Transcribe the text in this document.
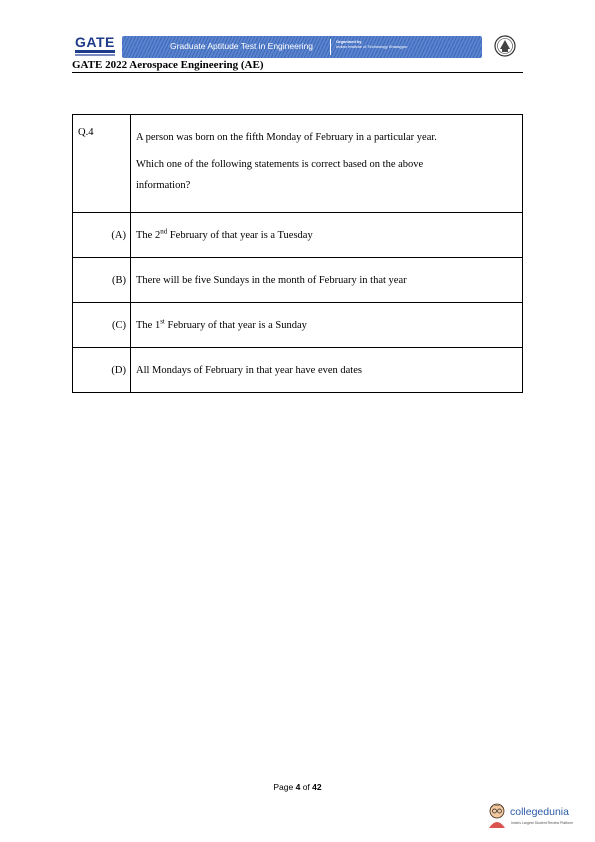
GATE	Graduate Aptitude Test in Engineering	Organised by
Indian Institute of Technology Kharagpur
GATE 2022 Aerospace Engineering (AE)
Q.4	A person was born on the fifth Monday of February in a particular year.
Which one of the following statements is correct based on the above
information?

(A)	The 2nd February of that year is a Tuesday
(B)	There will be five Sundays in the month of February in that year
(C)	The 1st February of that year is a Sunday
(D)	All Mondays of February in that year have even dates
Page 4 of 42
collegedunia
India's Largest Student Review Platform
